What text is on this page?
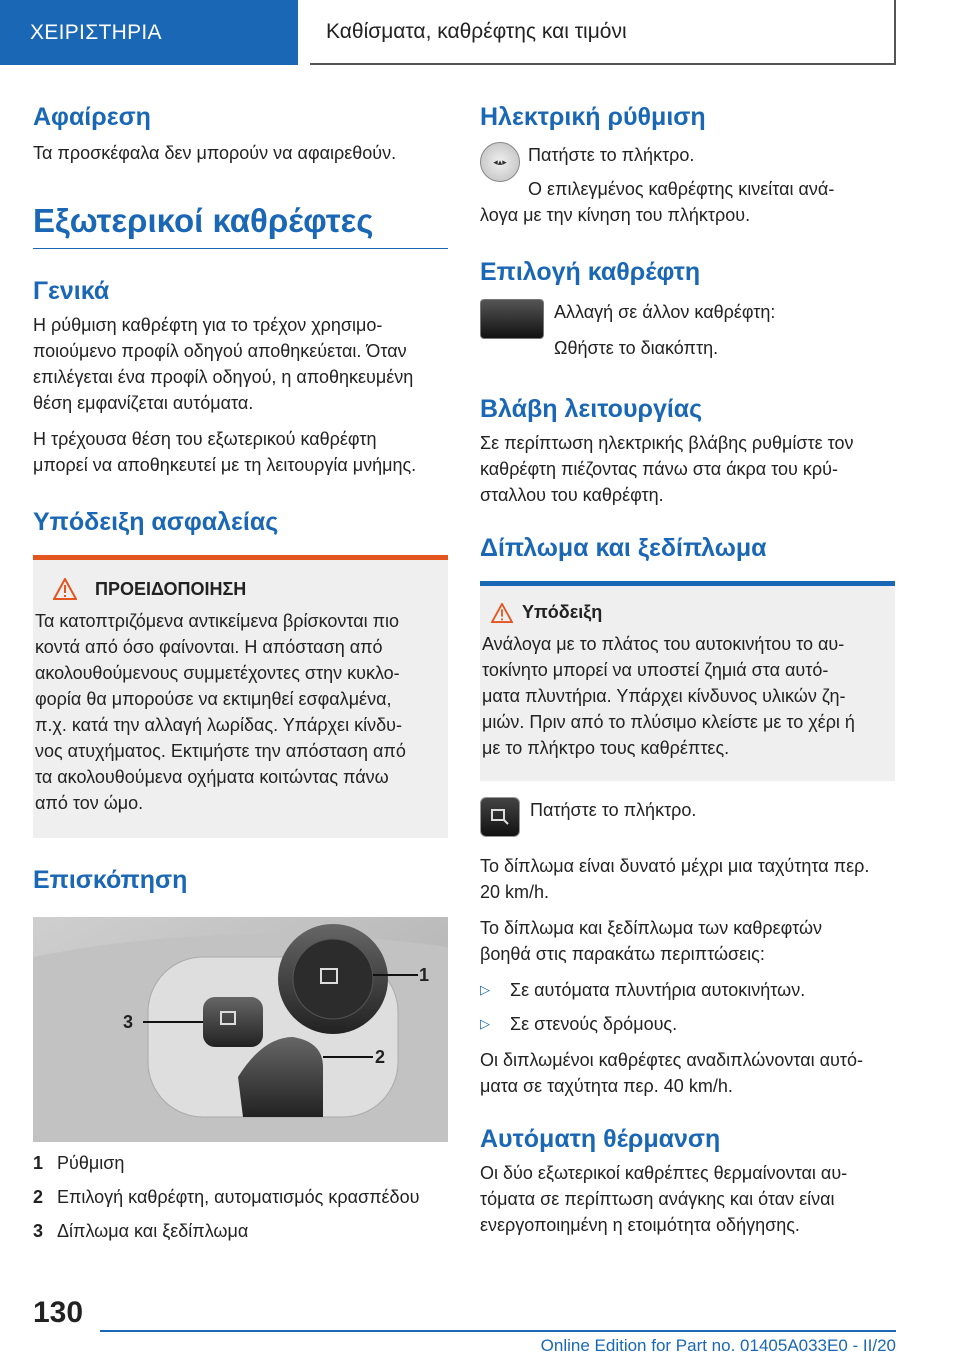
ΧΕΙΡΙΣΤΗΡΙΑ	Καθίσματα, καθρέφτης και τιμόνι
Αφαίρεση

Τα προσκέφαλα δεν μπορούν να αφαιρεθούν.

Εξωτερικοί καθρέφτες
Γενικά

Η ρύθμιση καθρέφτη για το τρέχον χρησιμο-

ποιούμενο προφίλ οδηγού αποθηκεύεται. Όταν

επιλέγεται ένα προφίλ οδηγού, η αποθηκευμένη

θέση εμφανίζεται αυτόματα.

Η τρέχουσα θέση του εξωτερικού καθρέφτη

μπορεί να αποθηκευτεί με τη λειτουργία μνήμης.

Υπόδειξη ασφαλείας
ΠΡΟΕΙΔΟΠΟΙΗΣΗ

Τα κατοπτριζόμενα αντικείμενα βρίσκονται πιο

κοντά από όσο φαίνονται. Η απόσταση από

ακολουθούμενους συμμετέχοντες στην κυκλο-

φορία θα μπορούσε να εκτιμηθεί εσφαλμένα,

π.χ. κατά την αλλαγή λωρίδας. Υπάρχει κίνδυ-

νος ατυχήματος. Εκτιμήστε την απόσταση από

τα ακολουθούμενα οχήματα κοιτώντας πάνω

από τον ώμο.

Επισκόπηση
1
2
3
1 Ρύθμιση
2 Επιλογή καθρέφτη, αυτοματισμός κρασπέδου
3 Δίπλωμα και ξεδίπλωμα
Ηλεκτρική ρύθμιση
◂▴▸	Πατήστε το πλήκτρο.

Ο επιλεγμένος καθρέφτης κινείται ανά-

λογα με την κίνηση του πλήκτρου.

Επιλογή καθρέφτη

Αλλαγή σε άλλον καθρέφτη:

Ωθήστε το διακόπτη.

Βλάβη λειτουργίας

Σε περίπτωση ηλεκτρικής βλάβης ρυθμίστε τον

καθρέφτη πιέζοντας πάνω στα άκρα του κρύ-

σταλλου του καθρέφτη.

Δίπλωμα και ξεδίπλωμα
Υπόδειξη

Ανάλογα με το πλάτος του αυτοκινήτου το αυ-

τοκίνητο μπορεί να υποστεί ζημιά στα αυτό-

ματα πλυντήρια. Υπάρχει κίνδυνος υλικών ζη-

μιών. Πριν από το πλύσιμο κλείστε με το χέρι ή

με το πλήκτρο τους καθρέπτες.

Πατήστε το πλήκτρο.

Το δίπλωμα είναι δυνατό μέχρι μια ταχύτητα περ.

20 km/h.

Το δίπλωμα και ξεδίπλωμα των καθρεφτών

βοηθά στις παρακάτω περιπτώσεις:

▷	Σε αυτόματα πλυντήρια αυτοκινήτων.
▷	Σε στενούς δρόμους.

Οι διπλωμένοι καθρέφτες αναδιπλώνονται αυτό-

ματα σε ταχύτητα περ. 40 km/h.

Αυτόματη θέρμανση

Οι δύο εξωτερικοί καθρέπτες θερμαίνονται αυ-

τόματα σε περίπτωση ανάγκης και όταν είναι

ενεργοποιημένη η ετοιμότητα οδήγησης.

130
Online Edition for Part no. 01405A033E0 - II/20
